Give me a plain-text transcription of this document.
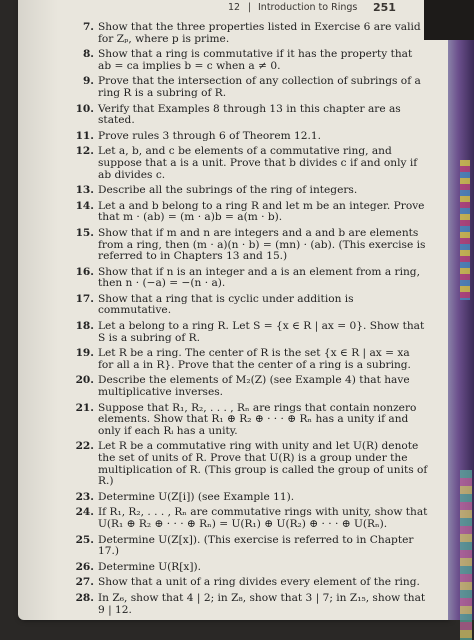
12 | Introduction to Rings 251
7. Show that the three properties listed in Exercise 6 are valid for Zₚ, where p is prime.
8. Show that a ring is commutative if it has the property that ab = ca implies b = c when a ≠ 0.
9. Prove that the intersection of any collection of subrings of a ring R is a subring of R.
10. Verify that Examples 8 through 13 in this chapter are as stated.
11. Prove rules 3 through 6 of Theorem 12.1.
12. Let a, b, and c be elements of a commutative ring, and suppose that a is a unit. Prove that b divides c if and only if ab divides c.
13. Describe all the subrings of the ring of integers.
14. Let a and b belong to a ring R and let m be an integer. Prove that m · (ab) = (m · a)b = a(m · b).
15. Show that if m and n are integers and a and b are elements from a ring, then (m · a)(n · b) = (mn) · (ab). (This exercise is referred to in Chapters 13 and 15.)
16. Show that if n is an integer and a is an element from a ring, then n · (−a) = −(n · a).
17. Show that a ring that is cyclic under addition is commutative.
18. Let a belong to a ring R. Let S = {x ∈ R | ax = 0}. Show that S is a subring of R.
19. Let R be a ring. The center of R is the set {x ∈ R | ax = xa for all a in R}. Prove that the center of a ring is a subring.
20. Describe the elements of M₂(Z) (see Example 4) that have multiplicative inverses.
21. Suppose that R₁, R₂, . . . , Rₙ are rings that contain nonzero elements. Show that R₁ ⊕ R₂ ⊕ · · · ⊕ Rₙ has a unity if and only if each Rᵢ has a unity.
22. Let R be a commutative ring with unity and let U(R) denote the set of units of R. Prove that U(R) is a group under the multiplication of R. (This group is called the group of units of R.)
23. Determine U(Z[i]) (see Example 11).
24. If R₁, R₂, . . . , Rₙ are commutative rings with unity, show that U(R₁ ⊕ R₂ ⊕ · · · ⊕ Rₙ) = U(R₁) ⊕ U(R₂) ⊕ · · · ⊕ U(Rₙ).
25. Determine U(Z[x]). (This exercise is referred to in Chapter 17.)
26. Determine U(R[x]).
27. Show that a unit of a ring divides every element of the ring.
28. In Z₆, show that 4 | 2; in Z₈, show that 3 | 7; in Z₁₅, show that 9 | 12.
